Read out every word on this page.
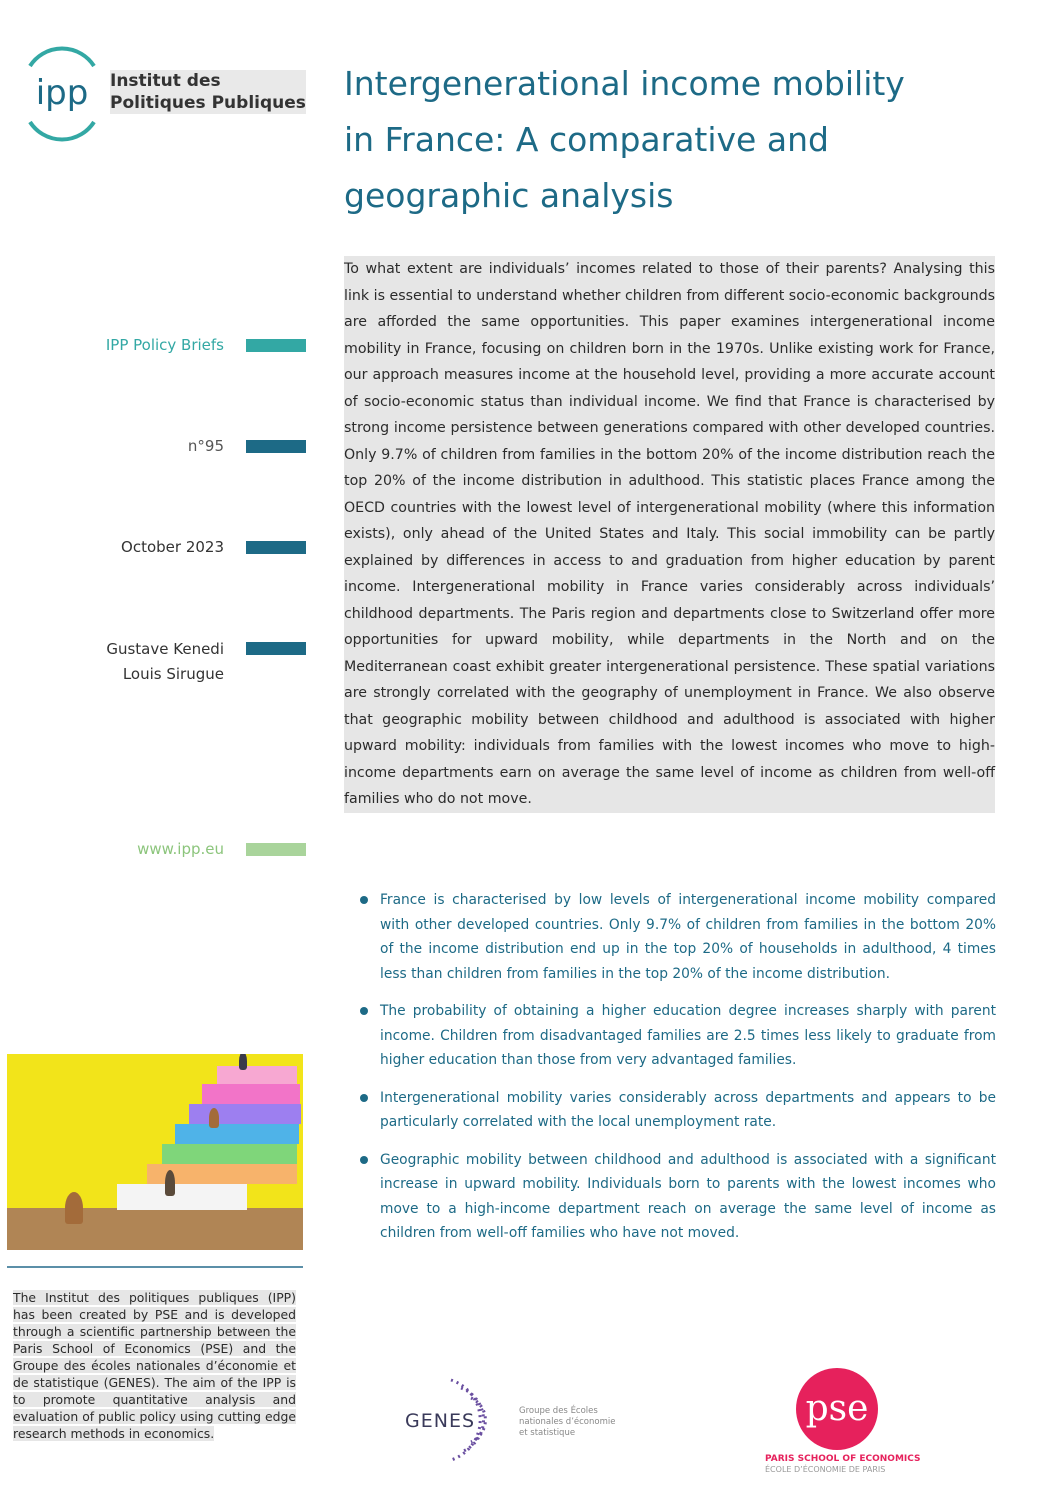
ipp Institut des
Politiques Publiques Intergenerational income mobility
in France: A comparative and
geographic analysis
IPP Policy Briefs
n°95
October 2023
Gustave Kenedi
Louis Sirugue
www.ipp.eu

To what extent are individuals’ incomes related to those of their parents? Analysing this link is essential to understand whether children from different socio-economic backgrounds are afforded the same opportunities. This paper examines intergenerational income mobility in France, focusing on children born in the 1970s. Unlike existing work for France, our approach measures income at the household level, providing a more accurate account of socio-economic status than individual income. We find that France is characterised by strong income persistence between generations compared with other developed countries. Only 9.7% of children from families in the bottom 20% of the income distribution reach the top 20% of the income distribution in adulthood. This statistic places France among the OECD countries with the lowest level of intergenerational mobility (where this information exists), only ahead of the United States and Italy. This social immobility can be partly explained by differences in access to and graduation from higher education by parent income. Intergenerational mobility in France varies considerably across individuals’ childhood departments. The Paris region and departments close to Switzerland offer more opportunities for upward mobility, while departments in the North and on the Mediterranean coast exhibit greater intergenerational persistence. These spatial variations are strongly correlated with the geography of unemployment in France. We also observe that geographic mobility between childhood and adulthood is associated with higher upward mobility: individuals from families with the lowest incomes who move to high-income departments earn on average the same level of income as children from well-off families who do not move.

France is characterised by low levels of intergenerational income mobility compared with other developed countries. Only 9.7% of children from families in the bottom 20% of the income distribution end up in the top 20% of households in adulthood, 4 times less than children from families in the top 20% of the income distribution.
The probability of obtaining a higher education degree increases sharply with parent income. Children from disadvantaged families are 2.5 times less likely to graduate from higher education than those from very advantaged families.
Intergenerational mobility varies considerably across departments and appears to be particularly correlated with the local unemployment rate.
Geographic mobility between childhood and adulthood is associated with a significant increase in upward mobility. Individuals born to parents with the lowest incomes who move to a high-income department reach on average the same level of income as children from well-off families who have not moved.
The Institut des politiques publiques (IPP) has been created by PSE and is developed through a scientific partnership between the Paris School of Economics (PSE) and the Groupe des écoles nationales d’économie et de statistique (GENES). The aim of the IPP is to promote quantitative analysis and evaluation of public policy using cutting edge research methods in economics.
GENES	Groupe des Écoles nationales d’économie et statistique
pse
PARIS SCHOOL OF ECONOMICS
ÉCOLE D’ÉCONOMIE DE PARIS
